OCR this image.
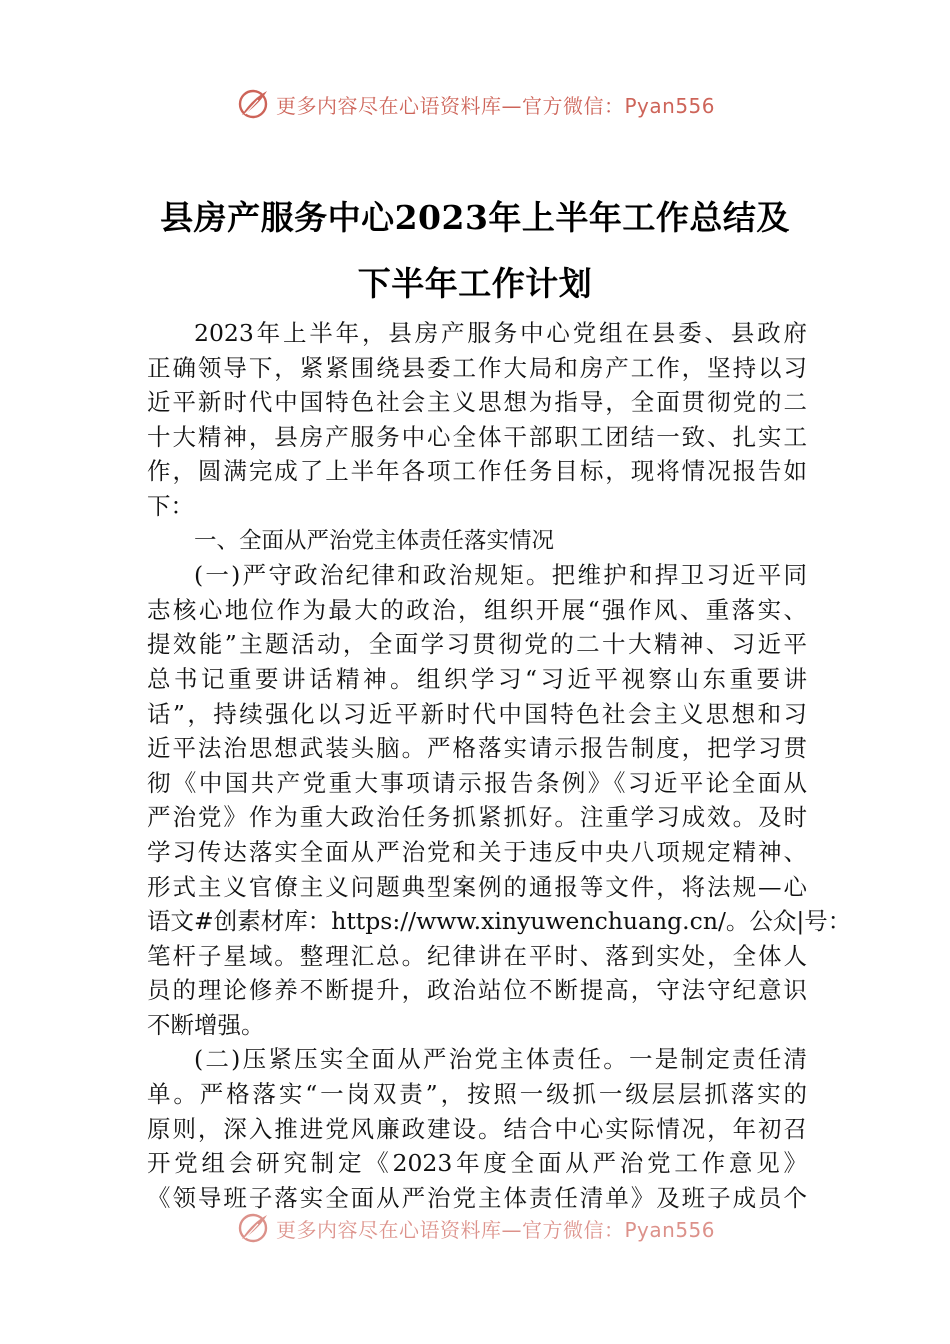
更多内容尽在心语资料库—官方微信：Pyan556
县房产服务中心2023年上半年工作总结及
下半年工作计划
2023年上半年，县房产服务中心党组在县委、县政府
正确领导下，紧紧围绕县委工作大局和房产工作，坚持以习
近平新时代中国特色社会主义思想为指导，全面贯彻党的二
十大精神，县房产服务中心全体干部职工团结一致、扎实工
作，圆满完成了上半年各项工作任务目标，现将情况报告如
下：
一、全面从严治党主体责任落实情况
(一)严守政治纪律和政治规矩。把维护和捍卫习近平同
志核心地位作为最大的政治，组织开展“强作风、重落实、
提效能”主题活动，全面学习贯彻党的二十大精神、习近平
总书记重要讲话精神。组织学习“习近平视察山东重要讲
话”，持续强化以习近平新时代中国特色社会主义思想和习
近平法治思想武装头脑。严格落实请示报告制度，把学习贯
彻《中国共产党重大事项请示报告条例》《习近平论全面从
严治党》作为重大政治任务抓紧抓好。注重学习成效。及时
学习传达落实全面从严治党和关于违反中央八项规定精神、
形式主义官僚主义问题典型案例的通报等文件，将法规—心
语文#创素材库：https://www.xinyuwenchuang.cn/。公众|号：
笔杆子星域。整理汇总。纪律讲在平时、落到实处，全体人
员的理论修养不断提升，政治站位不断提高，守法守纪意识
不断增强。
(二)压紧压实全面从严治党主体责任。一是制定责任清
单。严格落实“一岗双责”，按照一级抓一级层层抓落实的
原则，深入推进党风廉政建设。结合中心实际情况，年初召
开党组会研究制定《2023年度全面从严治党工作意见》
《领导班子落实全面从严治党主体责任清单》及班子成员个
更多内容尽在心语资料库—官方微信：Pyan556
